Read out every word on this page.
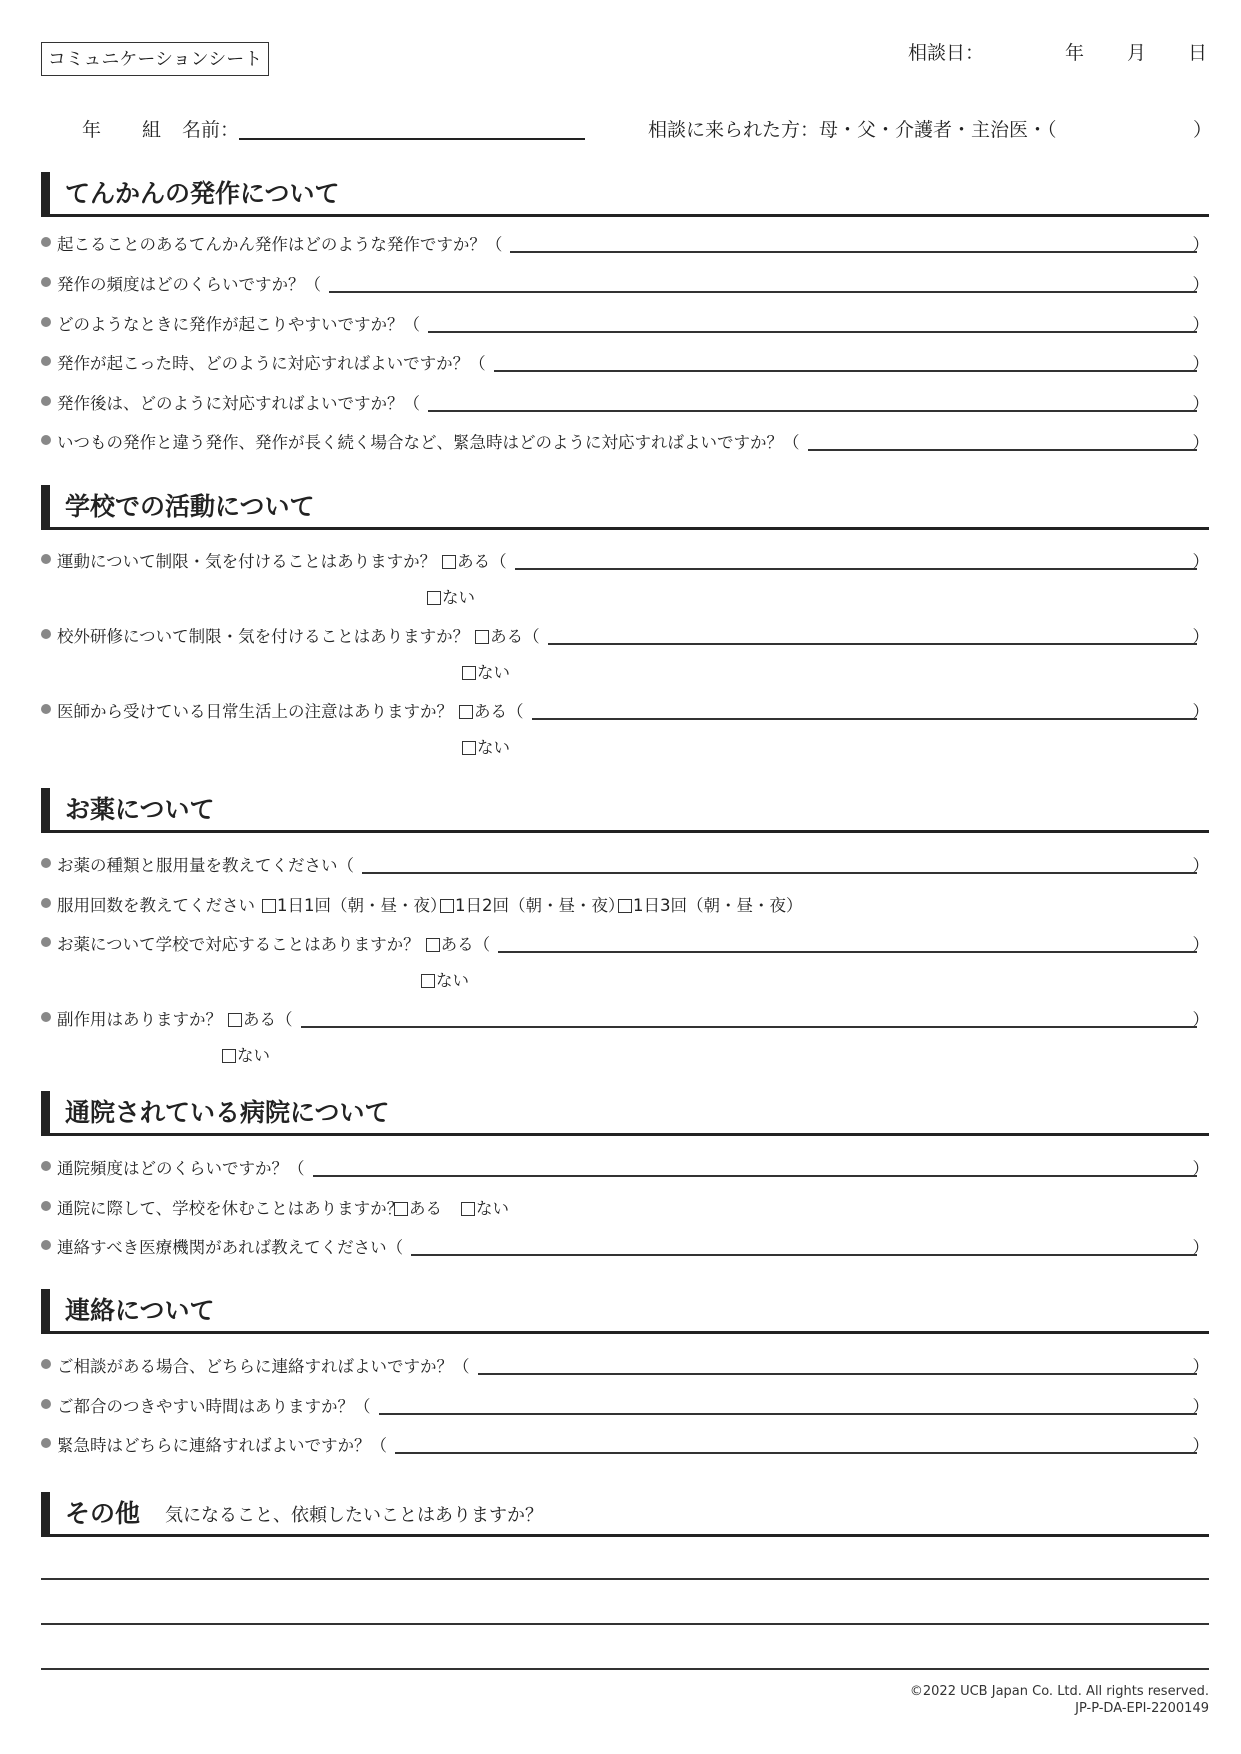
コミュニケーションシート	相談日：	年 月 日
年 組 名前：	相談に来られた方：母・父・介護者・主治医・（	）
てんかんの発作について
起こることのあるてんかん発作はどのような発作ですか？（	）
発作の頻度はどのくらいですか？（	）
どのようなときに発作が起こりやすいですか？（	）
発作が起こった時、どのように対応すればよいですか？（	）
発作後は、どのように対応すればよいですか？（	）
いつもの発作と違う発作、発作が長く続く場合など、緊急時はどのように対応すればよいですか？（	）
学校での活動について
運動について制限・気を付けることはありますか？	ある（	）
ない
校外研修について制限・気を付けることはありますか？	ある（	）
ない
医師から受けている日常生活上の注意はありますか？	ある（	）
ない
お薬について
お薬の種類と服用量を教えてください（	）
服用回数を教えてください	1日1回（朝・昼・夜） 1日2回（朝・昼・夜） 1日3回（朝・昼・夜）
お薬について学校で対応することはありますか？	ある（	）
ない
副作用はありますか？	ある（	）
ない
通院されている病院について
通院頻度はどのくらいですか？（	）
通院に際して、学校を休むことはありますか？ ある	ない
連絡すべき医療機関があれば教えてください（	）
連絡について
ご相談がある場合、どちらに連絡すればよいですか？（	）
ご都合のつきやすい時間はありますか？（	）
緊急時はどちらに連絡すればよいですか？（	）
その他 気になること、依頼したいことはありますか？
©2022 UCB Japan Co. Ltd. All rights reserved.
JP-P-DA-EPI-2200149
